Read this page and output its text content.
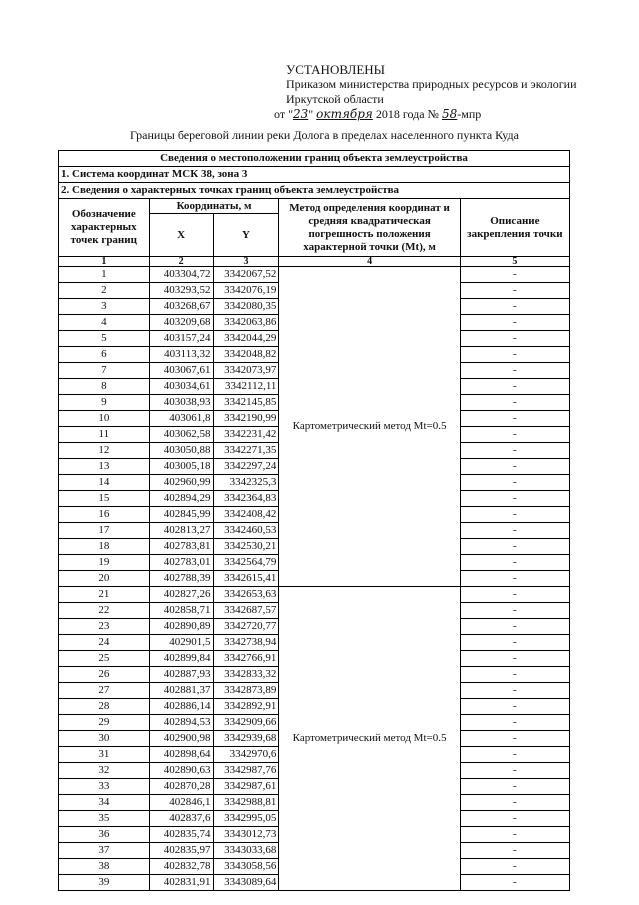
УСТАНОВЛЕНЫ
Приказом министерства природных ресурсов и экологии
Иркутской области
от "23" октября 2018 года № 58-мпр
Границы береговой линии реки Долога в пределах населенного пункта Куда
Сведения о местоположении границ объекта землеустройства				
1. Система координат МСК 38, зона 3				
2. Сведения о характерных точках границ объекта землеустройства				
Обозначение характерных точек границ	Координаты, м		Метод определения координат и средняя квадратическая погрешность положения характерной точки (Mt), м	Описание закрепления точки
	X	Y		
1	2	3	4	5
1	403304,72	3342067,52	Картометрический метод Mt=0.5	-
2	403293,52	3342076,19		-
3	403268,67	3342080,35		-
4	403209,68	3342063,86		-
5	403157,24	3342044,29		-
6	403113,32	3342048,82		-
7	403067,61	3342073,97		-
8	403034,61	3342112,11		-
9	403038,93	3342145,85		-
10	403061,8	3342190,99		-
11	403062,58	3342231,42		-
12	403050,88	3342271,35		-
13	403005,18	3342297,24		-
14	402960,99	3342325,3		-
15	402894,29	3342364,83		-
16	402845,99	3342408,42		-
17	402813,27	3342460,53		-
18	402783,81	3342530,21		-
19	402783,01	3342564,79		-
20	402788,39	3342615,41		-
21	402827,26	3342653,63	Картометрический метод Mt=0.5	-
22	402858,71	3342687,57		-
23	402890,89	3342720,77		-
24	402901,5	3342738,94		-
25	402899,84	3342766,91		-
26	402887,93	3342833,32		-
27	402881,37	3342873,89		-
28	402886,14	3342892,91		-
29	402894,53	3342909,66		-
30	402900,98	3342939,68		-
31	402898,64	3342970,6		-
32	402890,63	3342987,76		-
33	402870,28	3342987,61		-
34	402846,1	3342988,81		-
35	402837,6	3342995,05		-
36	402835,74	3343012,73		-
37	402835,97	3343033,68		-
38	402832,78	3343058,56		-
39	402831,91	3343089,64		-
